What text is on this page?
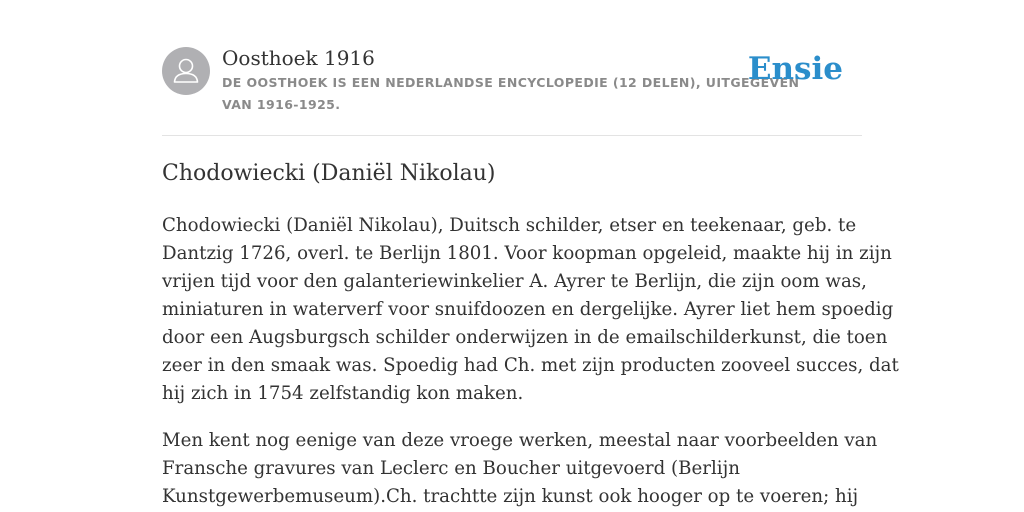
Oosthoek 1916
DE OOSTHOEK IS EEN NEDERLANDSE ENCYCLOPEDIE (12 DELEN), UITGEGEVEN
VAN 1916-1925.
Ensie
Chodowiecki (Daniël Nikolau)

Chodowiecki (Daniël Nikolau), Duitsch schilder, etser en teekenaar, geb. te
Dantzig 1726, overl. te Berlijn 1801. Voor koopman opgeleid, maakte hij in zijn
vrijen tijd voor den galanteriewinkelier A. Ayrer te Berlijn, die zijn oom was,
miniaturen in waterverf voor snuifdoozen en dergelijke. Ayrer liet hem spoedig
door een Augsburgsch schilder onderwijzen in de emailschilderkunst, die toen
zeer in den smaak was. Spoedig had Ch. met zijn producten zooveel succes, dat
hij zich in 1754 zelfstandig kon maken.

Men kent nog eenige van deze vroege werken, meestal naar voorbeelden van
Fransche gravures van Leclerc en Boucher uitgevoerd (Berlijn
Kunstgewerbemuseum).Ch. trachtte zijn kunst ook hooger op te voeren; hij
